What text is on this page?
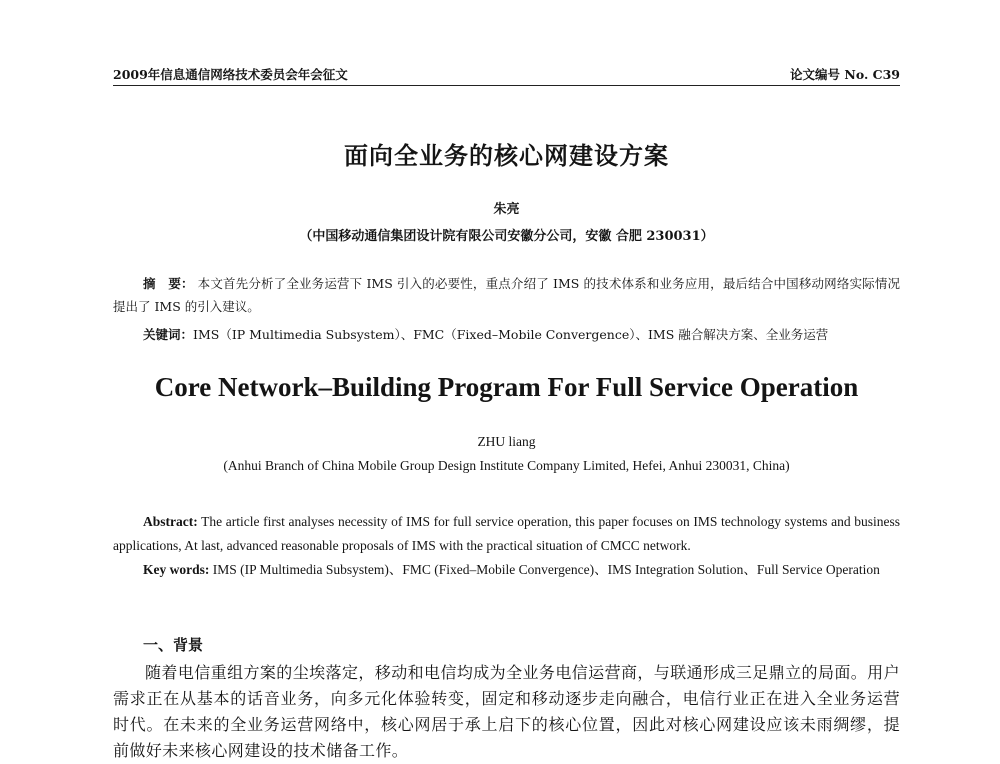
2009年信息通信网络技术委员会年会征文	论文编号 No. C39
面向全业务的核心网建设方案
朱亮
（中国移动通信集团设计院有限公司安徽分公司，安徽 合肥 230031）
摘　要： 本文首先分析了全业务运营下 IMS 引入的必要性，重点介绍了 IMS 的技术体系和业务应用，最后结合中国移动网络实际情况提出了 IMS 的引入建议。
关键词：IMS（IP Multimedia Subsystem）、FMC（Fixed–Mobile Convergence）、IMS 融合解决方案、全业务运营
Core Network–Building Program For Full Service Operation
ZHU liang
(Anhui Branch of China Mobile Group Design Institute Company Limited, Hefei, Anhui 230031, China)
Abstract: The article first analyses necessity of IMS for full service operation, this paper focuses on IMS technology systems and business applications, At last, advanced reasonable proposals of IMS with the practical situation of CMCC network.
Key words: IMS (IP Multimedia Subsystem)、FMC (Fixed–Mobile Convergence)、IMS Integration Solution、Full Service Operation
一、背景
随着电信重组方案的尘埃落定，移动和电信均成为全业务电信运营商，与联通形成三足鼎立的局面。用户需求正在从基本的话音业务，向多元化体验转变，固定和移动逐步走向融合，电信行业正在进入全业务运营时代。在未来的全业务运营网络中，核心网居于承上启下的核心位置，因此对核心网建设应该未雨绸缪，提前做好未来核心网建设的技术储备工作。
